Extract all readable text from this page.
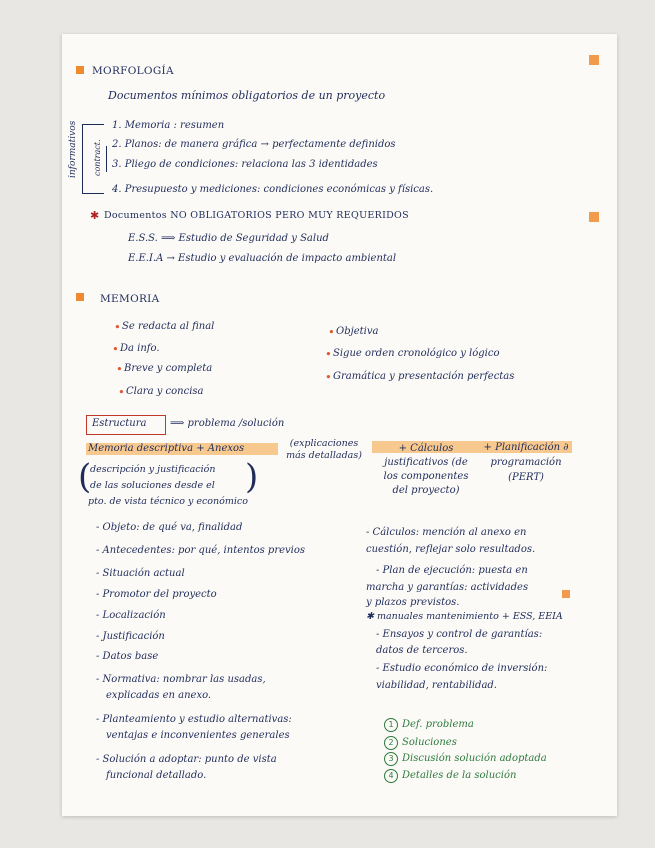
MORFOLOGÍA
Documentos mínimos obligatorios de un proyecto
informativos contract.
1. Memoria : resumen
2. Planos: de manera gráfica → perfectamente definidos
3. Pliego de condiciones: relaciona las 3 identidades
4. Presupuesto y mediciones: condiciones económicas y físicas.
✱ Documentos NO OBLIGATORIOS PERO MUY REQUERIDOS
E.S.S. ⟹ Estudio de Seguridad y Salud
E.E.I.A → Estudio y evaluación de impacto ambiental
MEMORIA
• Se redacta al final
• Da info.
• Breve y completa
• Clara y concisa
• Objetiva
• Sigue orden cronológico y lógico
• Gramática y presentación perfectas
Estructura ⟹ problema /solución
Memoria descriptiva + Anexos	(explicaciones más detalladas)
+ Cálculos justificativos (de los componentes del proyecto)
+ Planificación ∂ programación (PERT)
(
descripción y justificación
de las soluciones desde el
pto. de vista técnico y económico
)
- Objeto: de qué va, finalidad
- Antecedentes: por qué, intentos previos
- Situación actual
- Promotor del proyecto
- Localización
- Justificación
- Datos base
- Normativa: nombrar las usadas,
explicadas en anexo.
- Planteamiento y estudio alternativas:
ventajas e inconvenientes generales
- Solución a adoptar: punto de vista
funcional detallado.
- Cálculos: mención al anexo en
cuestión, reflejar solo resultados.
- Plan de ejecución: puesta en
marcha y garantías: actividades
y plazos previstos.
✱ manuales mantenimiento + ESS, EEIA
- Ensayos y control de garantías:
datos de terceros.
- Estudio económico de inversión:
viabilidad, rentabilidad.
1 Def. problema
2 Soluciones
3 Discusión solución adoptada
4 Detalles de la solución
